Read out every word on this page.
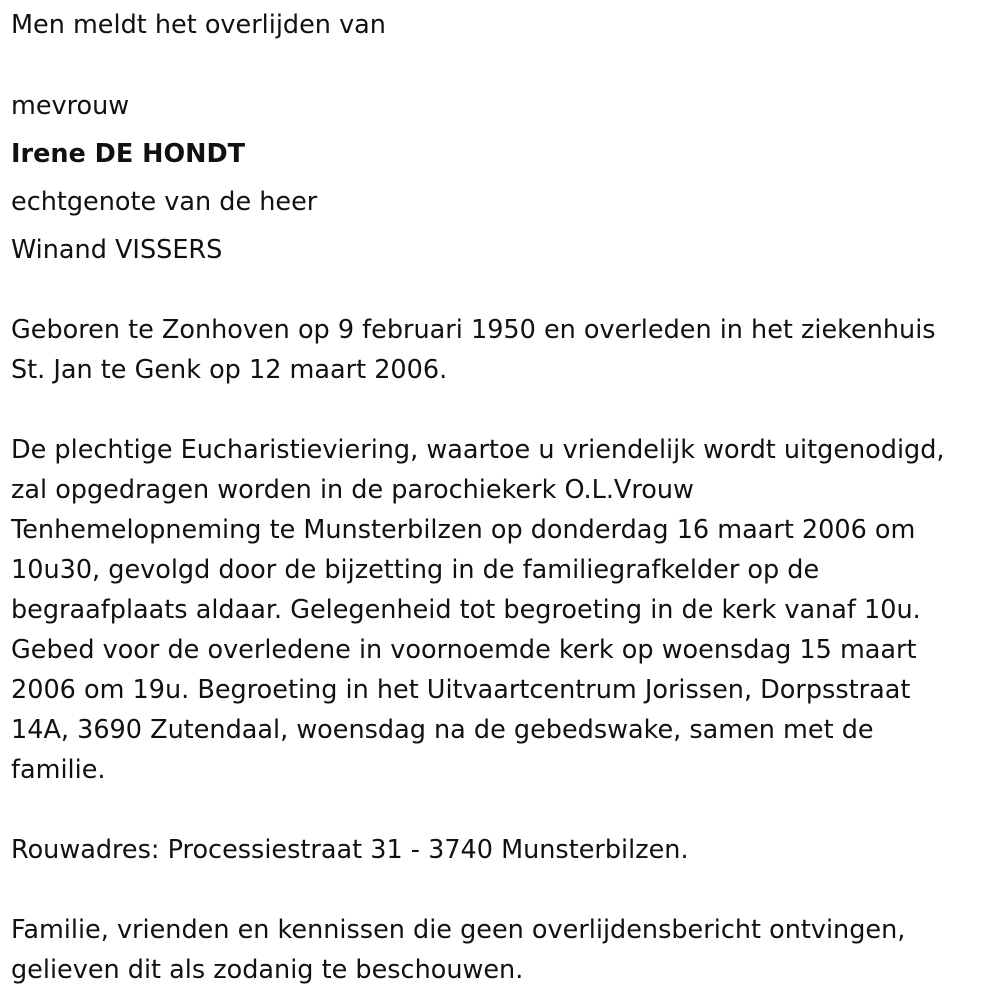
Men meldt het overlijden van
mevrouw
Irene DE HONDT
echtgenote van de heer
Winand VISSERS
Geboren te Zonhoven op 9 februari 1950 en overleden in het ziekenhuis
St. Jan te Genk op 12 maart 2006.
De plechtige Eucharistieviering, waartoe u vriendelijk wordt uitgenodigd,
zal opgedragen worden in de parochiekerk O.L.Vrouw
Tenhemelopneming te Munsterbilzen op donderdag 16 maart 2006 om
10u30, gevolgd door de bijzetting in de familiegrafkelder op de
begraafplaats aldaar. Gelegenheid tot begroeting in de kerk vanaf 10u.
Gebed voor de overledene in voornoemde kerk op woensdag 15 maart
2006 om 19u. Begroeting in het Uitvaartcentrum Jorissen, Dorpsstraat
14A, 3690 Zutendaal, woensdag na de gebedswake, samen met de
familie.
Rouwadres: Processiestraat 31 - 3740 Munsterbilzen.
Familie, vrienden en kennissen die geen overlijdensbericht ontvingen,
gelieven dit als zodanig te beschouwen.
